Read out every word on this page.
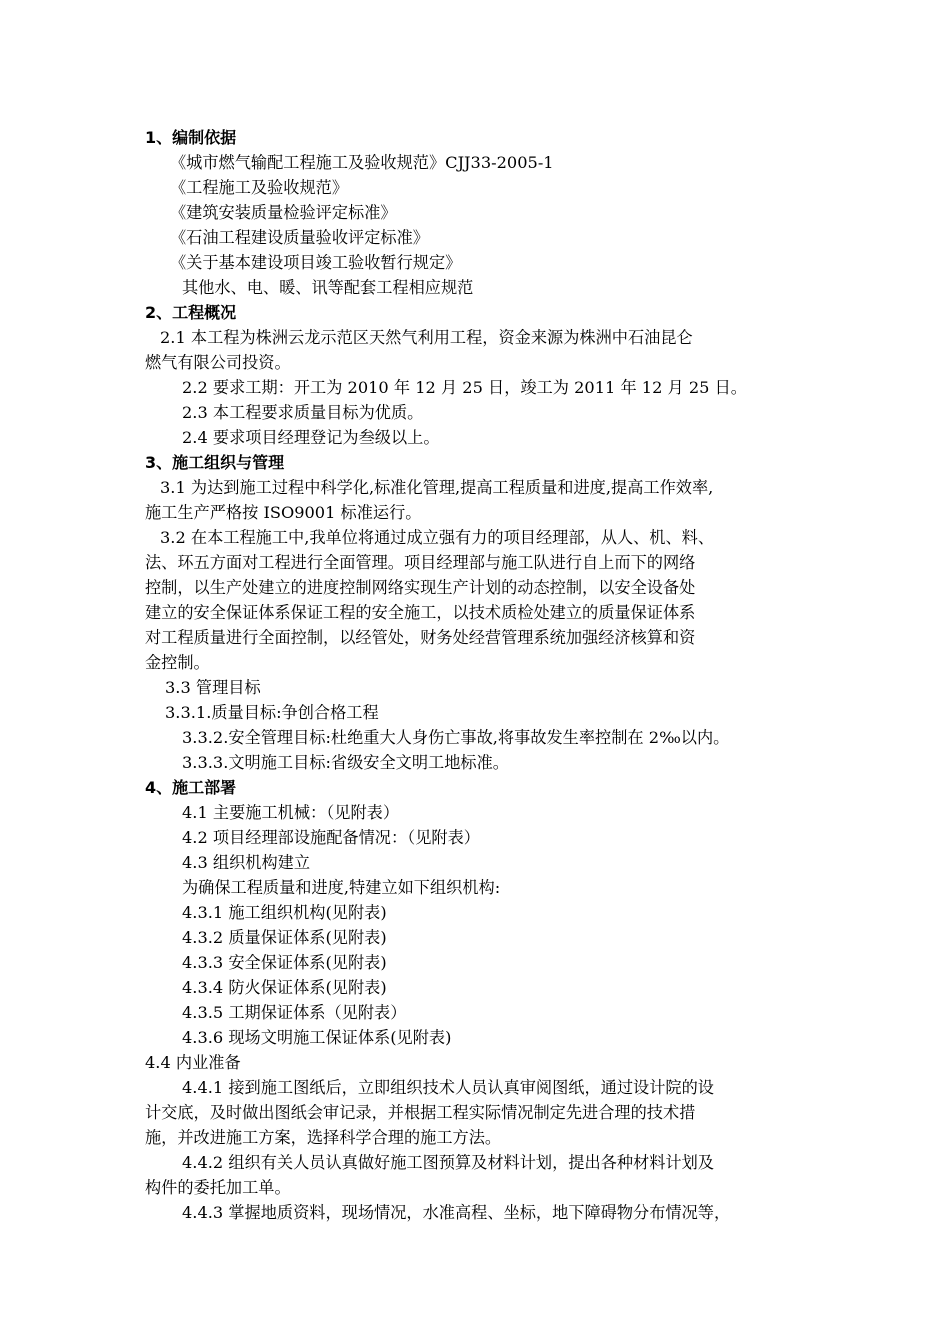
1、编制依据
《城市燃气输配工程施工及验收规范》CJJ33-2005-1
《工程施工及验收规范》
《建筑安装质量检验评定标准》
《石油工程建设质量验收评定标准》
《关于基本建设项目竣工验收暂行规定》
其他水、电、暖、讯等配套工程相应规范
2、工程概况
2.1 本工程为株洲云龙示范区天然气利用工程，资金来源为株洲中石油昆仑
燃气有限公司投资。
2.2 要求工期：开工为 2010 年 12 月 25 日，竣工为 2011 年 12 月 25 日。
2.3 本工程要求质量目标为优质。
2.4 要求项目经理登记为叁级以上。
3、施工组织与管理
3.1 为达到施工过程中科学化,标准化管理,提高工程质量和进度,提高工作效率,
施工生产严格按 ISO9001 标准运行。
3.2 在本工程施工中,我单位将通过成立强有力的项目经理部，从人、机、料、
法、环五方面对工程进行全面管理。项目经理部与施工队进行自上而下的网络
控制，以生产处建立的进度控制网络实现生产计划的动态控制，以安全设备处
建立的安全保证体系保证工程的安全施工，以技术质检处建立的质量保证体系
对工程质量进行全面控制，以经管处，财务处经营管理系统加强经济核算和资
金控制。
3.3 管理目标
3.3.1.质量目标:争创合格工程
3.3.2.安全管理目标:杜绝重大人身伤亡事故,将事故发生率控制在 2‰以内。
3.3.3.文明施工目标:省级安全文明工地标准。
4、施工部署
4.1 主要施工机械：（见附表）
4.2 项目经理部设施配备情况：（见附表）
4.3 组织机构建立
为确保工程质量和进度,特建立如下组织机构:
4.3.1 施工组织机构(见附表)
4.3.2 质量保证体系(见附表)
4.3.3 安全保证体系(见附表)
4.3.4 防火保证体系(见附表)
4.3.5 工期保证体系（见附表）
4.3.6 现场文明施工保证体系(见附表)
4.4 内业准备
4.4.1 接到施工图纸后，立即组织技术人员认真审阅图纸，通过设计院的设
计交底，及时做出图纸会审记录，并根据工程实际情况制定先进合理的技术措
施，并改进施工方案，选择科学合理的施工方法。
4.4.2 组织有关人员认真做好施工图预算及材料计划，提出各种材料计划及
构件的委托加工单。
4.4.3 掌握地质资料，现场情况，水准高程、坐标，地下障碍物分布情况等，
